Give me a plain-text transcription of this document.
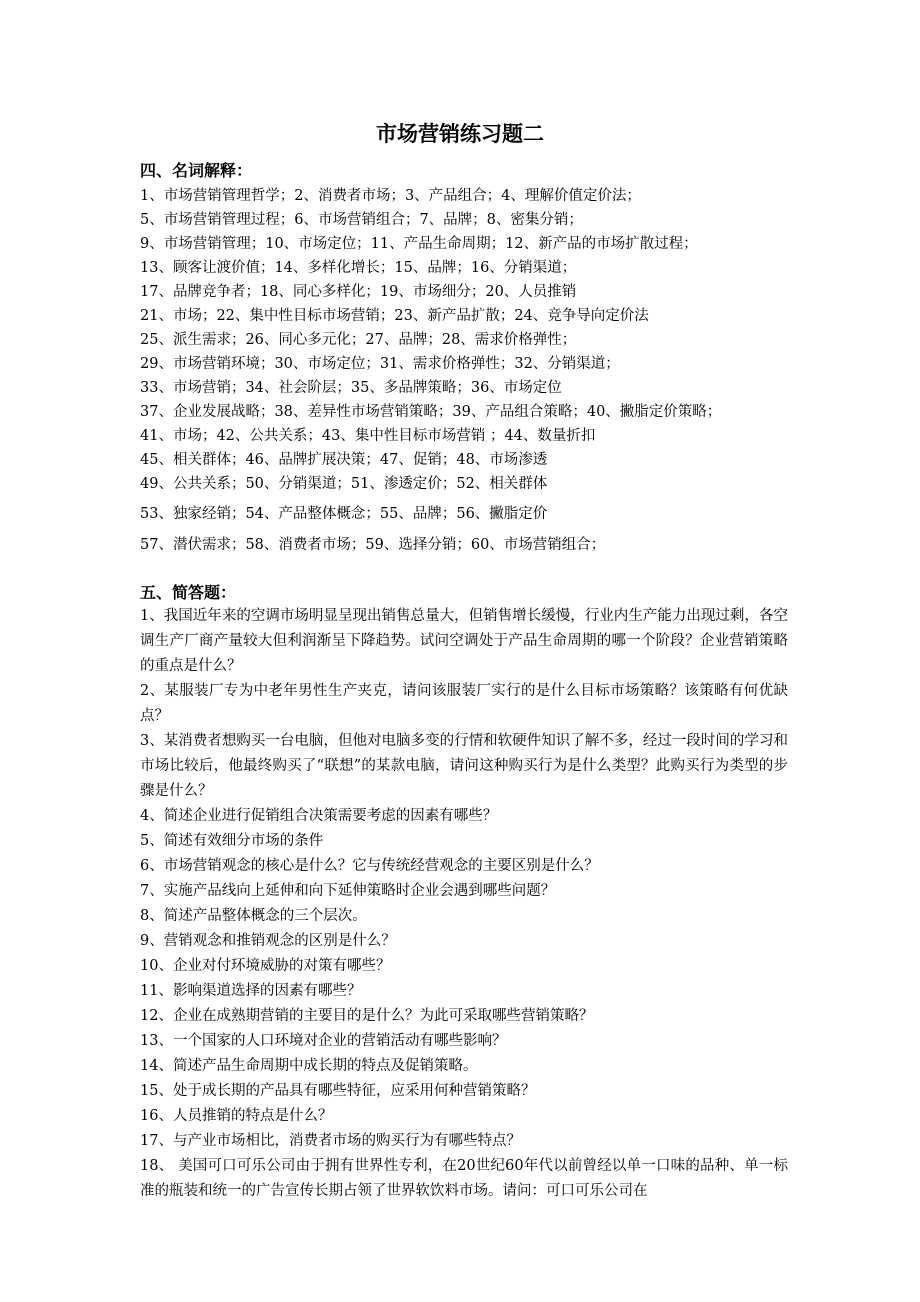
市场营销练习题二
四、名词解释：
1、市场营销管理哲学；2、消费者市场；3、产品组合；4、理解价值定价法；
5、市场营销管理过程；6、市场营销组合；7、品牌；8、密集分销；
9、市场营销管理；10、市场定位；11、产品生命周期；12、新产品的市场扩散过程；
13、顾客让渡价值；14、多样化增长；15、品牌；16、分销渠道；
17、品牌竞争者；18、同心多样化；19、市场细分；20、人员推销
21、市场；22、集中性目标市场营销；23、新产品扩散；24、竞争导向定价法
25、派生需求；26、同心多元化；27、品牌；28、需求价格弹性；
29、市场营销环境；30、市场定位；31、需求价格弹性；32、分销渠道；
33、市场营销；34、社会阶层；35、多品牌策略；36、市场定位
37、企业发展战略；38、差异性市场营销策略；39、产品组合策略；40、撇脂定价策略；
41、市场；42、公共关系；43、集中性目标市场营销 ；44、数量折扣
45、相关群体；46、品牌扩展决策；47、促销；48、市场渗透
49、公共关系；50、分销渠道；51、渗透定价；52、相关群体
53、独家经销；54、产品整体概念；55、品牌；56、撇脂定价
57、潜伏需求；58、消费者市场；59、选择分销；60、市场营销组合；
五、简答题：
1、我国近年来的空调市场明显呈现出销售总量大，但销售增长缓慢，行业内生产能力出现过剩，各空调生产厂商产量较大但利润渐呈下降趋势。试问空调处于产品生命周期的哪一个阶段？企业营销策略的重点是什么？
2、某服装厂专为中老年男性生产夹克，请问该服装厂实行的是什么目标市场策略？该策略有何优缺点？
3、某消费者想购买一台电脑，但他对电脑多变的行情和软硬件知识了解不多，经过一段时间的学习和市场比较后，他最终购买了“联想”的某款电脑，请问这种购买行为是什么类型？此购买行为类型的步骤是什么？
4、简述企业进行促销组合决策需要考虑的因素有哪些？
5、简述有效细分市场的条件
6、市场营销观念的核心是什么？它与传统经营观念的主要区别是什么？
7、实施产品线向上延伸和向下延伸策略时企业会遇到哪些问题？
8、简述产品整体概念的三个层次。
9、营销观念和推销观念的区别是什么？
10、企业对付环境威胁的对策有哪些？
11、影响渠道选择的因素有哪些？
12、企业在成熟期营销的主要目的是什么？为此可采取哪些营销策略？
13、一个国家的人口环境对企业的营销活动有哪些影响？
14、简述产品生命周期中成长期的特点及促销策略。
15、处于成长期的产品具有哪些特征，应采用何种营销策略？
16、人员推销的特点是什么？
17、与产业市场相比，消费者市场的购买行为有哪些特点？
18、 美国可口可乐公司由于拥有世界性专利，在20世纪60年代以前曾经以单一口味的品种、单一标准的瓶装和统一的广告宣传长期占领了世界软饮料市场。请问：可口可乐公司在
